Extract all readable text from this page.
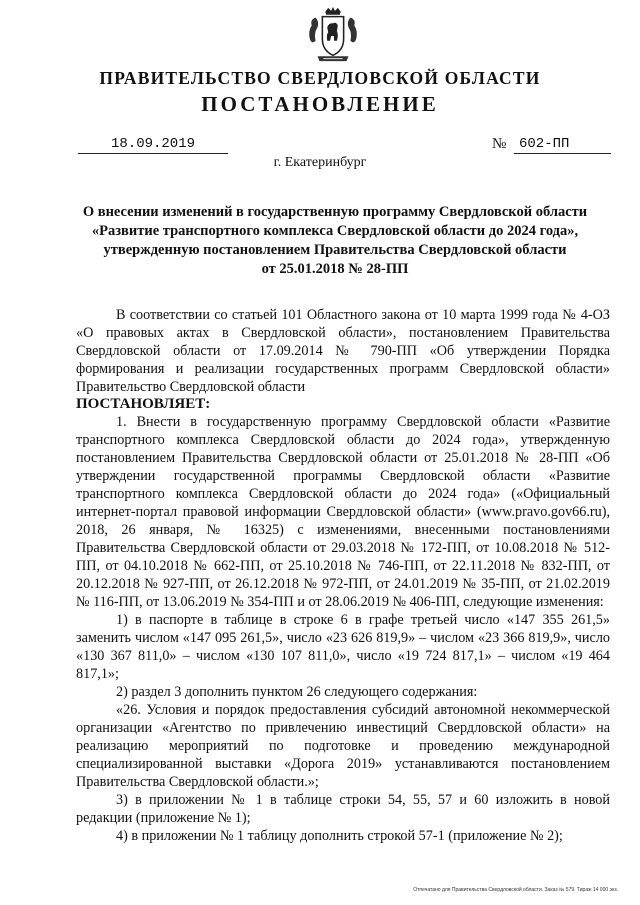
ПРАВИТЕЛЬСТВО СВЕРДЛОВСКОЙ ОБЛАСТИ
ПОСТАНОВЛЕНИЕ
18.09.2019	№ 602-ПП
г. Екатеринбург
О внесении изменений в государственную программу Свердловской области
«Развитие транспортного комплекса Свердловской области до 2024 года»,
утвержденную постановлением Правительства Свердловской области
от 25.01.2018 № 28-ПП

В соответствии со статьей 101 Областного закона от 10 марта 1999 года № 4-ОЗ «О правовых актах в Свердловской области», постановлением Правительства Свердловской области от 17.09.2014 № 790-ПП «Об утверждении Порядка формирования и реализации государственных программ Свердловской области» Правительство Свердловской области

ПОСТАНОВЛЯЕТ:

1. Внести в государственную программу Свердловской области «Развитие транспортного комплекса Свердловской области до 2024 года», утвержденную постановлением Правительства Свердловской области от 25.01.2018 № 28-ПП «Об утверждении государственной программы Свердловской области «Развитие транспортного комплекса Свердловской области до 2024 года» («Официальный интернет-портал правовой информации Свердловской области» (www.pravo.gov66.ru), 2018, 26 января, № 16325) с изменениями, внесенными постановлениями Правительства Свердловской области от 29.03.2018 № 172-ПП, от 10.08.2018 № 512-ПП, от 04.10.2018 № 662-ПП, от 25.10.2018 № 746-ПП, от 22.11.2018 № 832-ПП, от 20.12.2018 № 927-ПП, от 26.12.2018 № 972-ПП, от 24.01.2019 № 35-ПП, от 21.02.2019 № 116-ПП, от 13.06.2019 № 354-ПП и от 28.06.2019 № 406-ПП, следующие изменения:

1) в паспорте в таблице в строке 6 в графе третьей число «147 355 261,5» заменить числом «147 095 261,5», число «23 626 819,9» – числом «23 366 819,9», число «130 367 811,0» – числом «130 107 811,0», число «19 724 817,1» – числом «19 464 817,1»;

2) раздел 3 дополнить пунктом 26 следующего содержания:

«26. Условия и порядок предоставления субсидий автономной некоммерческой организации «Агентство по привлечению инвестиций Свердловской области» на реализацию мероприятий по подготовке и проведению международной специализированной выставки «Дорога 2019» устанавливаются постановлением Правительства Свердловской области.»;

3) в приложении № 1 в таблице строки 54, 55, 57 и 60 изложить в новой редакции (приложение № 1);

4) в приложении № 1 таблицу дополнить строкой 57-1 (приложение № 2);

Отпечатано для Правительства Свердловской области. Заказ № 579. Тираж 14 000 экз.
